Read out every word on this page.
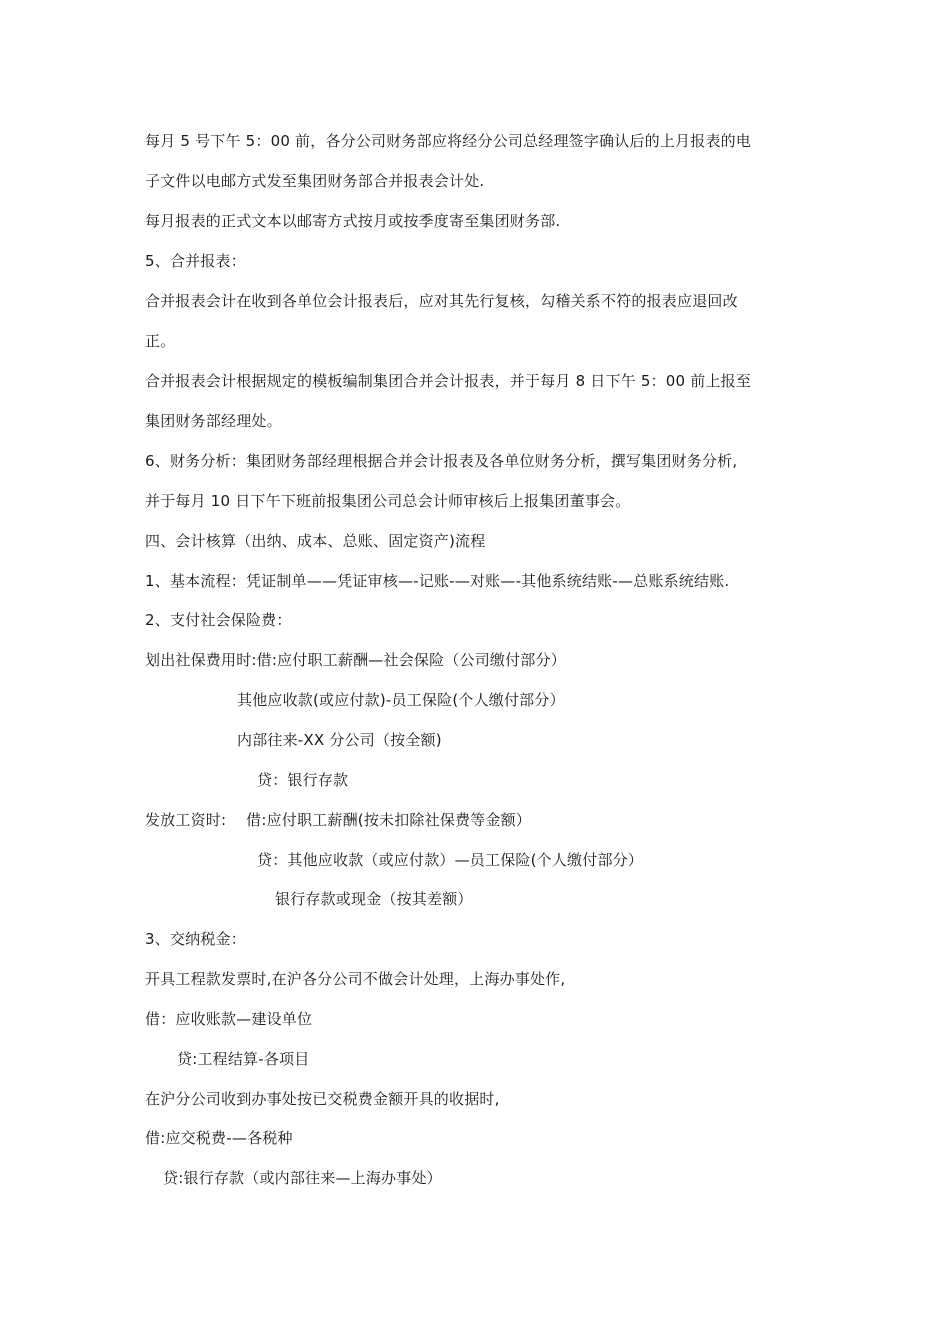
每月 5 号下午 5：00 前，各分公司财务部应将经分公司总经理签字确认后的上月报表的电
子文件以电邮方式发至集团财务部合并报表会计处.
每月报表的正式文本以邮寄方式按月或按季度寄至集团财务部.
5、合并报表：
合并报表会计在收到各单位会计报表后，应对其先行复核，勾稽关系不符的报表应退回改
正。
合并报表会计根据规定的模板编制集团合并会计报表，并于每月 8 日下午 5：00 前上报至
集团财务部经理处。
6、财务分析：集团财务部经理根据合并会计报表及各单位财务分析，撰写集团财务分析,
并于每月 10 日下午下班前报集团公司总会计师审核后上报集团董事会。
四、会计核算（出纳、成本、总账、固定资产)流程
1、基本流程：凭证制单——凭证审核—-记账-—对账—-其他系统结账-—总账系统结账.
2、支付社会保险费：
划出社保费用时:借:应付职工薪酬—社会保险（公司缴付部分）
其他应收款(或应付款)-员工保险(个人缴付部分）
内部往来-XX 分公司（按全额)
贷：银行存款
发放工资时:    借:应付职工薪酬(按未扣除社保费等金额）
贷：其他应收款（或应付款）—员工保险(个人缴付部分）
银行存款或现金（按其差额）
3、交纳税金：
开具工程款发票时,在沪各分公司不做会计处理，上海办事处作,
借：应收账款—建设单位
贷:工程结算-各项目
在沪分公司收到办事处按已交税费金额开具的收据时,
借:应交税费-—各税种
贷:银行存款（或内部往来—上海办事处）
